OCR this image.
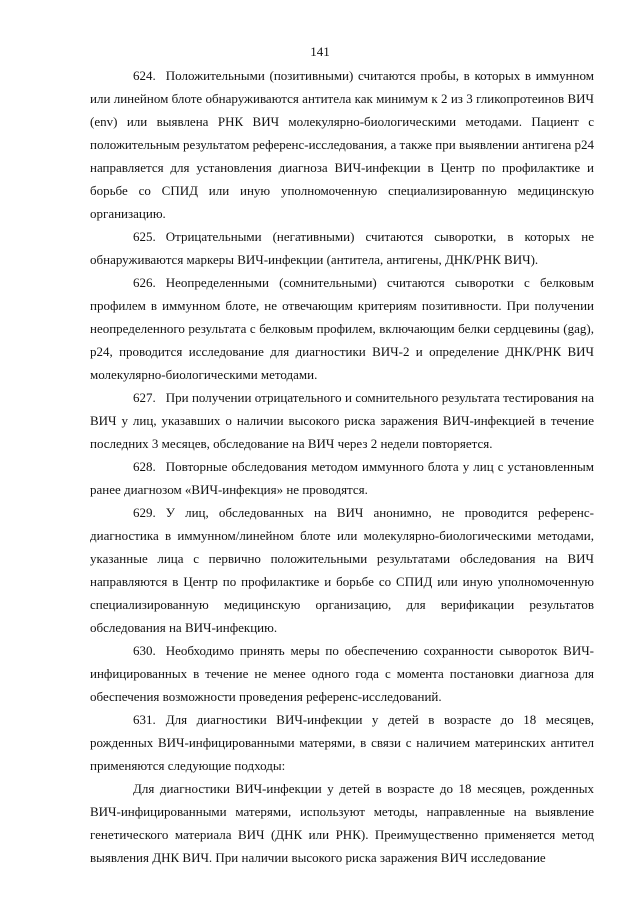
141

624. Положительными (позитивными) считаются пробы, в которых в иммунном или линейном блоте обнаруживаются антитела как минимум к 2 из 3 гликопротеинов ВИЧ (env) или выявлена РНК ВИЧ молекулярно-биологическими методами. Пациент с положительным результатом референс-исследования, а также при выявлении антигена р24 направляется для установления диагноза ВИЧ-инфекции в Центр по профилактике и борьбе со СПИД или иную уполномоченную специализированную медицинскую организацию.

625. Отрицательными (негативными) считаются сыворотки, в которых не обнаруживаются маркеры ВИЧ-инфекции (антитела, антигены, ДНК/РНК ВИЧ).

626. Неопределенными (сомнительными) считаются сыворотки с белковым профилем в иммунном блоте, не отвечающим критериям позитивности. При получении неопределенного результата с белковым профилем, включающим белки сердцевины (gag), р24, проводится исследование для диагностики ВИЧ-2 и определение ДНК/РНК ВИЧ молекулярно-биологическими методами.

627. При получении отрицательного и сомнительного результата тестирования на ВИЧ у лиц, указавших о наличии высокого риска заражения ВИЧ-инфекцией в течение последних 3 месяцев, обследование на ВИЧ через 2 недели повторяется.

628. Повторные обследования методом иммунного блота у лиц с установленным ранее диагнозом «ВИЧ-инфекция» не проводятся.

629. У лиц, обследованных на ВИЧ анонимно, не проводится референс-диагностика в иммунном/линейном блоте или молекулярно-биологическими методами, указанные лица с первично положительными результатами обследования на ВИЧ направляются в Центр по профилактике и борьбе со СПИД или иную уполномоченную специализированную медицинскую организацию, для верификации результатов обследования на ВИЧ-инфекцию.

630. Необходимо принять меры по обеспечению сохранности сывороток ВИЧ-инфицированных в течение не менее одного года с момента постановки диагноза для обеспечения возможности проведения референс-исследований.

631. Для диагностики ВИЧ-инфекции у детей в возрасте до 18 месяцев, рожденных ВИЧ-инфицированными матерями, в связи с наличием материнских антител применяются следующие подходы:

Для диагностики ВИЧ-инфекции у детей в возрасте до 18 месяцев, рожденных ВИЧ-инфицированными матерями, используют методы, направленные на выявление генетического материала ВИЧ (ДНК или РНК). Преимущественно применяется метод выявления ДНК ВИЧ. При наличии высокого риска заражения ВИЧ исследование
